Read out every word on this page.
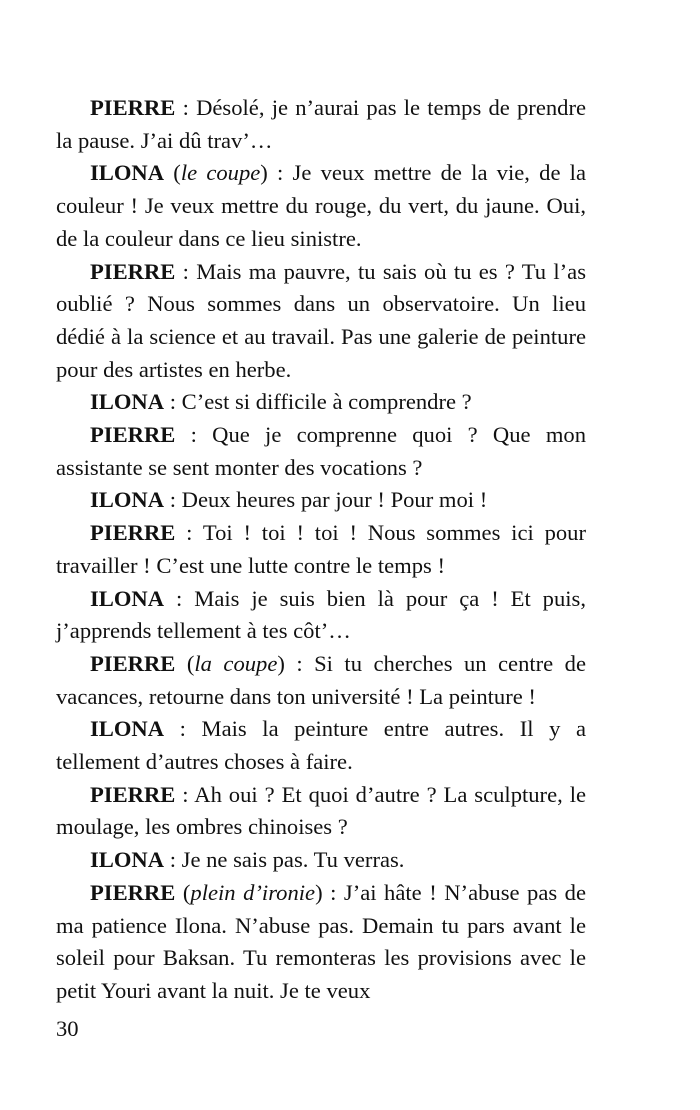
PIERRE : Désolé, je n’aurai pas le temps de prendre la pause. J’ai dû trav’…

ILONA (le coupe) : Je veux mettre de la vie, de la couleur ! Je veux mettre du rouge, du vert, du jaune. Oui, de la couleur dans ce lieu sinistre.

PIERRE : Mais ma pauvre, tu sais où tu es ? Tu l’as oublié ? Nous sommes dans un observatoire. Un lieu dédié à la science et au travail. Pas une galerie de peinture pour des artistes en herbe.

ILONA : C’est si difficile à comprendre ?

PIERRE : Que je comprenne quoi ? Que mon assistante se sent monter des vocations ?

ILONA : Deux heures par jour ! Pour moi !

PIERRE : Toi ! toi ! toi ! Nous sommes ici pour travailler ! C’est une lutte contre le temps !

ILONA : Mais je suis bien là pour ça ! Et puis, j’apprends tellement à tes côt’…

PIERRE (la coupe) : Si tu cherches un centre de vacances, retourne dans ton université ! La peinture !

ILONA : Mais la peinture entre autres. Il y a tellement d’autres choses à faire.

PIERRE : Ah oui ? Et quoi d’autre ? La sculpture, le moulage, les ombres chinoises ?

ILONA : Je ne sais pas. Tu verras.

PIERRE (plein d’ironie) : J’ai hâte ! N’abuse pas de ma patience Ilona. N’abuse pas. Demain tu pars avant le soleil pour Baksan. Tu remonteras les provisions avec le petit Youri avant la nuit. Je te veux

30
